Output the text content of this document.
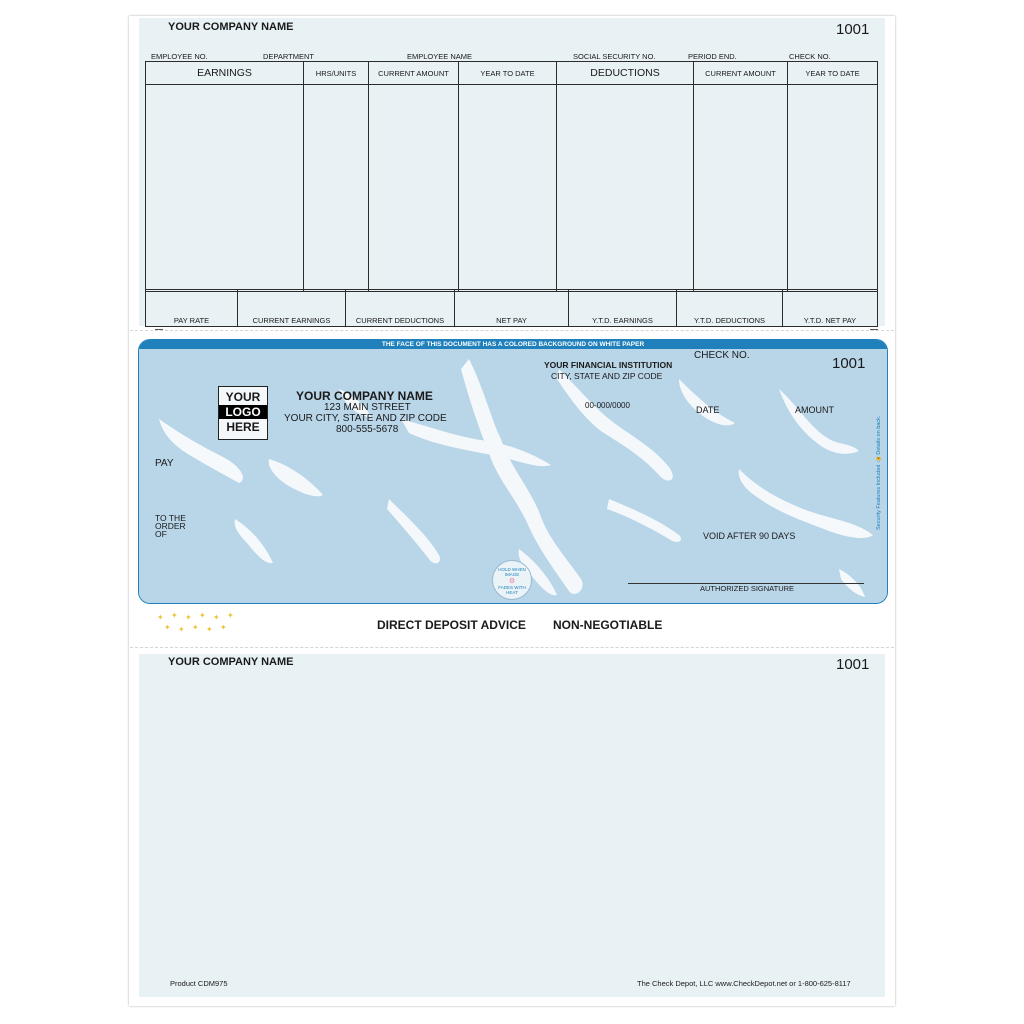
YOUR COMPANY NAME	1001
EMPLOYEE NO.	DEPARTMENT	EMPLOYEE NAME	SOCIAL SECURITY NO.	PERIOD END.	CHECK NO.
EARNINGS	HRS/UNITS	CURRENT AMOUNT	YEAR TO DATE	DEDUCTIONS	CURRENT AMOUNT	YEAR TO DATE

PAY RATE	CURRENT EARNINGS	CURRENT DEDUCTIONS	NET PAY	Y.T.D. EARNINGS	Y.T.D. DEDUCTIONS	Y.T.D. NET PAY
THE FACE OF THIS DOCUMENT HAS A COLORED BACKGROUND ON WHITE PAPER
YOUR
LOGO
HERE
YOUR COMPANY NAME
123 MAIN STREET
YOUR CITY, STATE AND ZIP CODE
800-555-5678
YOUR FINANCIAL INSTITUTION
CITY, STATE AND ZIP CODE
00-000/0000
CHECK NO.	1001
DATE	AMOUNT
PAY
TO THE
ORDER
OF	VOID AFTER 90 DAYS
AUTHORIZED SIGNATURE
HOLD WHEN IMAGE
⚙
FADES WITH HEAT
Security Features Included 🔒 Details on back.
✦ ✦ ✦ ✦ ✦ ✦
✦ ✦ ✦ ✦ ✦	DIRECT DEPOSIT ADVICE NON-NEGOTIABLE
YOUR COMPANY NAME	1001
Product CDM975	The Check Depot, LLC www.CheckDepot.net or 1-800-625-8117
